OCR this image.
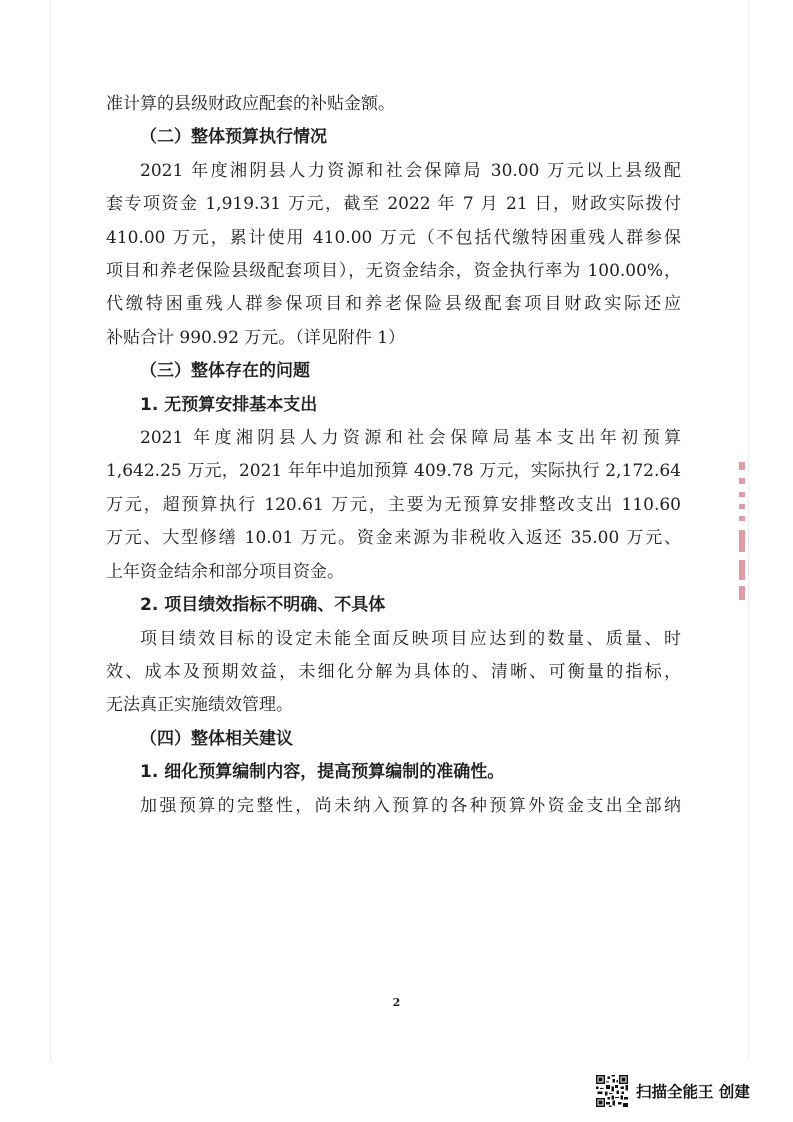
准计算的县级财政应配套的补贴金额。

（二）整体预算执行情况

2021 年度湘阴县人力资源和社会保障局 30.00 万元以上县级配

套专项资金 1,919.31 万元，截至 2022 年 7 月 21 日，财政实际拨付

410.00 万元，累计使用 410.00 万元（不包括代缴特困重残人群参保

项目和养老保险县级配套项目），无资金结余，资金执行率为 100.00%，

代缴特困重残人群参保项目和养老保险县级配套项目财政实际还应

补贴合计 990.92 万元。（详见附件 1）

（三）整体存在的问题

1. 无预算安排基本支出

2021 年度湘阴县人力资源和社会保障局基本支出年初预算

1,642.25 万元，2021 年年中追加预算 409.78 万元，实际执行 2,172.64

万元，超预算执行 120.61 万元，主要为无预算安排整改支出 110.60

万元、大型修缮 10.01 万元。资金来源为非税收入返还 35.00 万元、

上年资金结余和部分项目资金。

2. 项目绩效指标不明确、不具体

项目绩效目标的设定未能全面反映项目应达到的数量、质量、时

效、成本及预期效益，未细化分解为具体的、清晰、可衡量的指标，

无法真正实施绩效管理。

（四）整体相关建议

1. 细化预算编制内容，提高预算编制的准确性。

加强预算的完整性，尚未纳入预算的各种预算外资金支出全部纳

2
扫描全能王 创建
